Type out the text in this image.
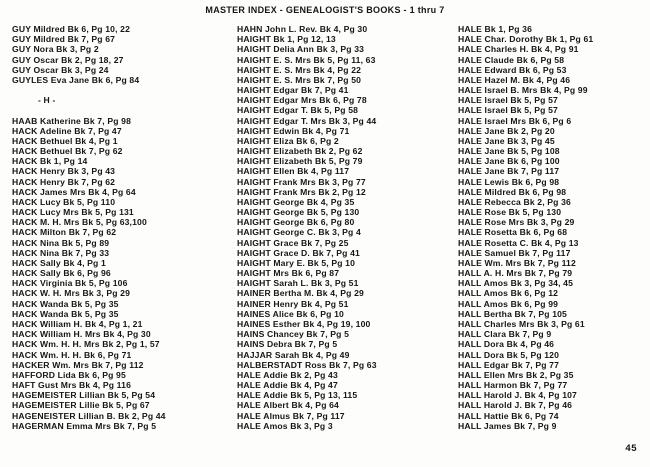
MASTER INDEX - GENEALOGIST'S BOOKS - 1 thru 7
GUY Mildred Bk 6, Pg 10, 22
GUY Mildred Bk 7, Pg 67
GUY Nora Bk 3, Pg 2
GUY Oscar Bk 2, Pg 18, 27
GUY Oscar Bk 3, Pg 24
GUYLES Eva Jane Bk 6, Pg 84

- H -

HAAB Katherine Bk 7, Pg 98
HACK Adeline Bk 7, Pg 47
HACK Bethuel Bk 4, Pg 1
HACK Bethuel Bk 7, Pg 62
HACK Bk 1, Pg 14
HACK Henry Bk 3, Pg 43
HACK Henry Bk 7, Pg 62
HACK James Mrs Bk 4, Pg 64
HACK Lucy Bk 5, Pg 110
HACK Lucy Mrs Bk 5, Pg 131
HACK M. H. Mrs Bk 5, Pg 63,100
HACK Milton Bk 7, Pg 62
HACK Nina Bk 5, Pg 89
HACK Nina Bk 7, Pg 33
HACK Sally Bk 4, Pg 1
HACK Sally Bk 6, Pg 96
HACK Virginia Bk 5, Pg 106
HACK W. H. Mrs Bk 3, Pg 29
HACK Wanda Bk 5, Pg 35
HACK Wanda Bk 5, Pg 35
HACK William H. Bk 4, Pg 1, 21
HACK William H. Mrs Bk 4, Pg 30
HACK Wm. H. H. Mrs Bk 2, Pg 1, 57
HACK Wm. H. H. Bk 6, Pg 71
HACKER Wm. Mrs Bk 7, Pg 112
HAFFORD Lida Bk 6, Pg 95
HAFT Gust Mrs Bk 4, Pg 116
HAGEMEISTER Lillian Bk 5, Pg 54
HAGEMEISTER Lillie Bk 5, Pg 67
HAGENEISTER Lillian B. Bk 2, Pg 44
HAGERMAN Emma Mrs Bk 7, Pg 5
HAHN John L. Rev. Bk 4, Pg 30
HAIGHT Bk 1, Pg 12, 13
HAIGHT Delia Ann Bk 3, Pg 33
HAIGHT E. S. Mrs Bk 5, Pg 11, 63
HAIGHT E. S. Mrs Bk 4, Pg 22
HAIGHT E. S. Mrs Bk 7, Pg 50
HAIGHT Edgar Bk 7, Pg 41
HAIGHT Edgar Mrs Bk 6, Pg 78
HAIGHT Edgar T. Bk 5, Pg 58
HAIGHT Edgar T. Mrs Bk 3, Pg 44
HAIGHT Edwin Bk 4, Pg 71
HAIGHT Eliza Bk 6, Pg 2
HAIGHT Elizabeth Bk 2, Pg 62
HAIGHT Elizabeth Bk 5, Pg 79
HAIGHT Ellen Bk 4, Pg 117
HAIGHT Frank Mrs Bk 3, Pg 77
HAIGHT Frank Mrs Bk 2, Pg 12
HAIGHT George Bk 4, Pg 35
HAIGHT George Bk 5, Pg 130
HAIGHT George Bk 6, Pg 80
HAIGHT George C. Bk 3, Pg 4
HAIGHT Grace Bk 7, Pg 25
HAIGHT Grace D. Bk 7, Pg 41
HAIGHT Mary E. Bk 5, Pg 10
HAIGHT Mrs Bk 6, Pg 87
HAIGHT Sarah L. Bk 3, Pg 51
HAINER Bertha M. Bk 4, Pg 29
HAINER Henry Bk 4, Pg 51
HAINES Alice Bk 6, Pg 10
HAINES Esther Bk 4, Pg 19, 100
HAINS Chancey Bk 7, Pg 5
HAINS Debra Bk 7, Pg 5
HAJJAR Sarah Bk 4, Pg 49
HALBERSTADT Ross Bk 7, Pg 63
HALE Addie Bk 2, Pg 43
HALE Addie Bk 4, Pg 47
HALE Addie Bk 5, Pg 13, 115
HALE Albert Bk 4, Pg 64
HALE Almus Bk 7, Pg 117
HALE Amos Bk 3, Pg 3
HALE Bk 1, Pg 36
HALE Char. Dorothy Bk 1, Pg 61
HALE Charles H. Bk 4, Pg 91
HALE Claude Bk 6, Pg 58
HALE Edward Bk 6, Pg 53
HALE Hazel M. Bk 4, Pg 46
HALE Israel B. Mrs Bk 4, Pg 99
HALE Israel Bk 5, Pg 57
HALE Israel Bk 5, Pg 57
HALE Israel Mrs Bk 6, Pg 6
HALE Jane Bk 2, Pg 20
HALE Jane Bk 3, Pg 45
HALE Jane Bk 5, Pg 108
HALE Jane Bk 6, Pg 100
HALE Jane Bk 7, Pg 117
HALE Lewis Bk 6, Pg 98
HALE Mildred Bk 6, Pg 98
HALE Rebecca Bk 2, Pg 36
HALE Rose Bk 5, Pg 130
HALE Rose Mrs Bk 3, Pg 29
HALE Rosetta Bk 6, Pg 68
HALE Rosetta C. Bk 4, Pg 13
HALE Samuel Bk 7, Pg 117
HALE Wm. Mrs Bk 7, Pg 112
HALL A. H. Mrs Bk 7, Pg 79
HALL Amos Bk 3, Pg 34, 45
HALL Amos Bk 6, Pg 12
HALL Amos Bk 6, Pg 99
HALL Bertha Bk 7, Pg 105
HALL Charles Mrs Bk 3, Pg 61
HALL Clara Bk 7, Pg 9
HALL Dora Bk 4, Pg 46
HALL Dora Bk 5, Pg 120
HALL Edgar Bk 7, Pg 77
HALL Ellen Mrs Bk 2, Pg 35
HALL Harmon Bk 7, Pg 77
HALL Harold J. Bk 4, Pg 107
HALL Harold J. Bk 7, Pg 46
HALL Hattie Bk 6, Pg 74
HALL James Bk 7, Pg 9
45
